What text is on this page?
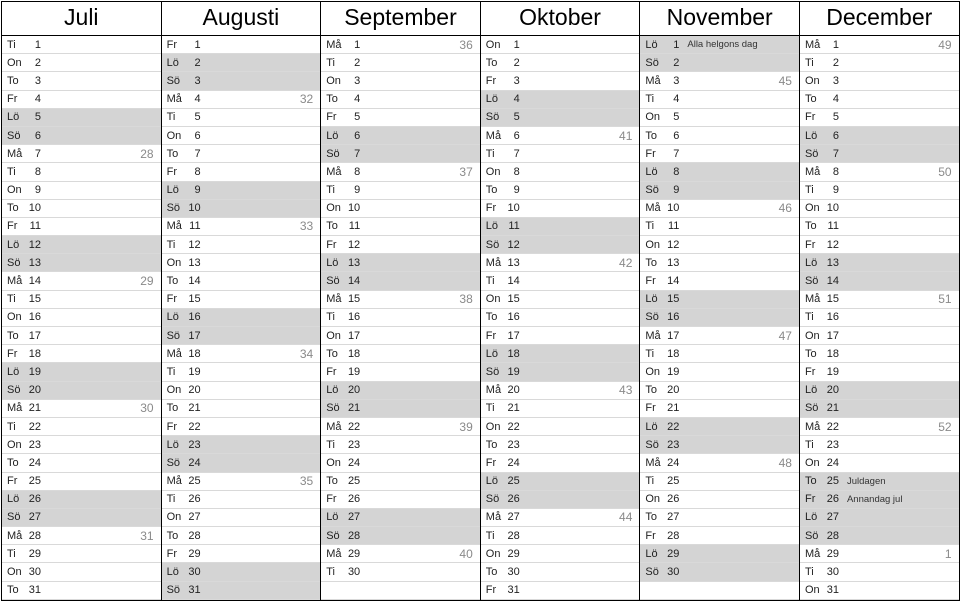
Juli	Augusti	September	Oktober	November	December

Ti	1
On	2
To	3
Fr	4
Lö	5
Sö	6
Må	7	28
Ti	8
On	9
To 10
Fr	11
Lö 12
Sö 13
Må 14	29
Ti	15
On 16
To 17
Fr	18
Lö 19
Sö 20
Må 21	30
Ti	22
On 23
To 24
Fr	25
Lö 26
Sö 27
Må 28	31
Ti	29
On 30
To 31

Fr	1
Lö	2
Sö	3
Må	4	32
Ti	5
On	6
To	7
Fr	8
Lö	9
Sö 10
Må 11	33
Ti	12
On 13
To 14
Fr	15
Lö 16
Sö 17
Må 18	34
Ti	19
On 20
To 21
Fr	22
Lö 23
Sö 24
Må 25	35
Ti	26
On 27
To 28
Fr	29
Lö 30
Sö 31

Må	1	36
Ti	2
On	3
To	4
Fr	5
Lö	6
Sö	7
Må	8	37
Ti	9
On 10
To 11
Fr	12
Lö 13
Sö 14
Må 15	38
Ti	16
On 17
To 18
Fr	19
Lö 20
Sö 21
Må 22	39
Ti	23
On 24
To 25
Fr	26
Lö 27
Sö 28
Må 29	40
Ti	30

On	1
To	2
Fr	3
Lö	4
Sö	5
Må	6	41
Ti	7
On	8
To	9
Fr	10
Lö 11
Sö 12
Må 13	42
Ti	14
On 15
To 16
Fr	17
Lö 18
Sö 19
Må 20	43
Ti	21
On 22
To 23
Fr	24
Lö 25
Sö 26
Må 27	44
Ti	28
On 29
To 30
Fr	31

Lö	1 Alla helgons dag
Sö	2
Må	3	45
Ti	4
On	5
To	6
Fr	7
Lö	8
Sö	9
Må 10	46
Ti	11
On 12
To 13
Fr	14
Lö 15
Sö 16
Må 17	47
Ti	18
On 19
To 20
Fr	21
Lö 22
Sö 23
Må 24	48
Ti	25
On 26
To 27
Fr	28
Lö 29
Sö 30

Må	1	49
Ti	2
On	3
To	4
Fr	5
Lö	6
Sö	7
Må	8	50
Ti	9
On 10
To 11
Fr	12
Lö 13
Sö 14
Må 15	51
Ti	16
On 17
To 18
Fr	19
Lö 20
Sö 21
Må 22	52
Ti	23
On 24
To 25 Juldagen
Fr	26 Annandag jul
Lö 27
Sö 28
Må 29	1
Ti	30
On 31
